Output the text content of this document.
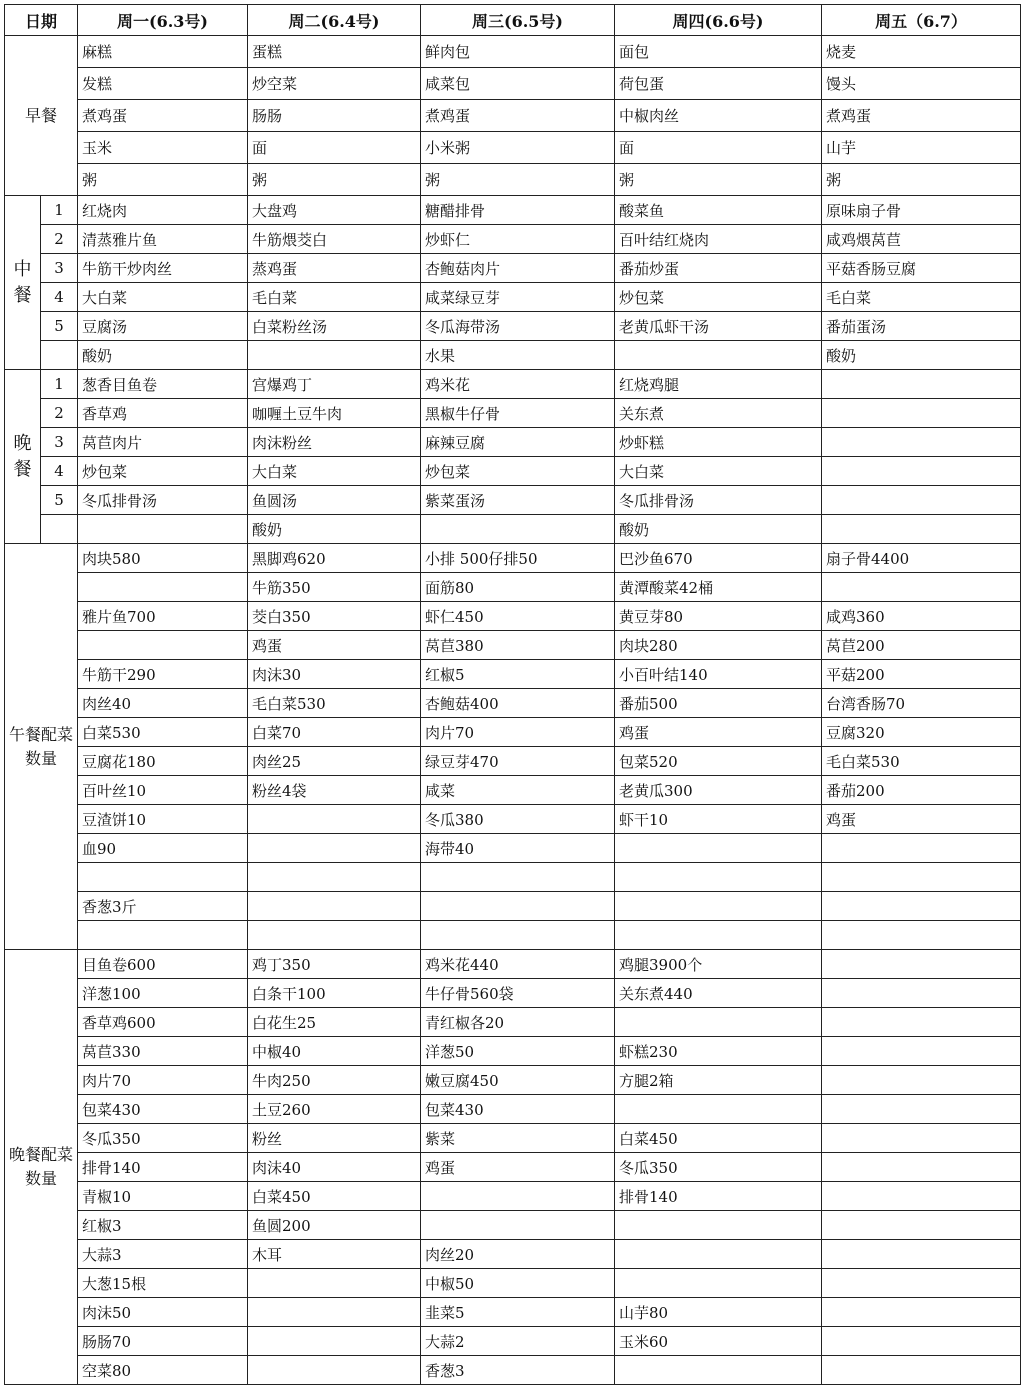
日期		周一(6.3号)	周二(6.4号)	周三(6.5号)	周四(6.6号)	周五（6.7）
早餐		麻糕	蛋糕	鲜肉包	面包	烧麦
		发糕	炒空菜	咸菜包	荷包蛋	馒头
		煮鸡蛋	肠肠	煮鸡蛋	中椒肉丝	煮鸡蛋
		玉米	面	小米粥	面	山芋
		粥	粥	粥	粥	粥
中餐	1	红烧肉	大盘鸡	糖醋排骨	酸菜鱼	原味扇子骨
	2	清蒸雅片鱼	牛筋煨茭白	炒虾仁	百叶结红烧肉	咸鸡煨莴苣
	3	牛筋干炒肉丝	蒸鸡蛋	杏鲍菇肉片	番茄炒蛋	平菇香肠豆腐
	4	大白菜	毛白菜	咸菜绿豆芽	炒包菜	毛白菜
	5	豆腐汤	白菜粉丝汤	冬瓜海带汤	老黄瓜虾干汤	番茄蛋汤
		酸奶		水果		酸奶
晚餐	1	葱香目鱼卷	宫爆鸡丁	鸡米花	红烧鸡腿	
	2	香草鸡	咖喱土豆牛肉	黑椒牛仔骨	关东煮	
	3	莴苣肉片	肉沫粉丝	麻辣豆腐	炒虾糕	
	4	炒包菜	大白菜	炒包菜	大白菜	
	5	冬瓜排骨汤	鱼圆汤	紫菜蛋汤	冬瓜排骨汤	
			酸奶		酸奶	
午餐配菜数量		肉块580	黑脚鸡620	小排 500仔排50	巴沙鱼670	扇子骨4400
			牛筋350	面筋80	黄潭酸菜42桶	
		雅片鱼700	茭白350	虾仁450	黄豆芽80	咸鸡360
			鸡蛋	莴苣380	肉块280	莴苣200
		牛筋干290	肉沫30	红椒5	小百叶结140	平菇200
		肉丝40	毛白菜530	杏鲍菇400	番茄500	台湾香肠70
		白菜530	白菜70	肉片70	鸡蛋	豆腐320
		豆腐花180	肉丝25	绿豆芽470	包菜520	毛白菜530
		百叶丝10	粉丝4袋	咸菜	老黄瓜300	番茄200
		豆渣饼10		冬瓜380	虾干10	鸡蛋
		血90		海带40		

		香葱3斤				

晚餐配菜数量		目鱼卷600	鸡丁350	鸡米花440	鸡腿3900个	
		洋葱100	白条干100	牛仔骨560袋	关东煮440	
		香草鸡600	白花生25	青红椒各20		
		莴苣330	中椒40	洋葱50	虾糕230	
		肉片70	牛肉250	嫩豆腐450	方腿2箱	
		包菜430	土豆260	包菜430		
		冬瓜350	粉丝	紫菜	白菜450	
		排骨140	肉沫40	鸡蛋	冬瓜350	
		青椒10	白菜450		排骨140	
		红椒3	鱼圆200			
		大蒜3	木耳	肉丝20		
		大葱15根		中椒50		
		肉沫50		韭菜5	山芋80	
		肠肠70		大蒜2	玉米60	
		空菜80		香葱3		
